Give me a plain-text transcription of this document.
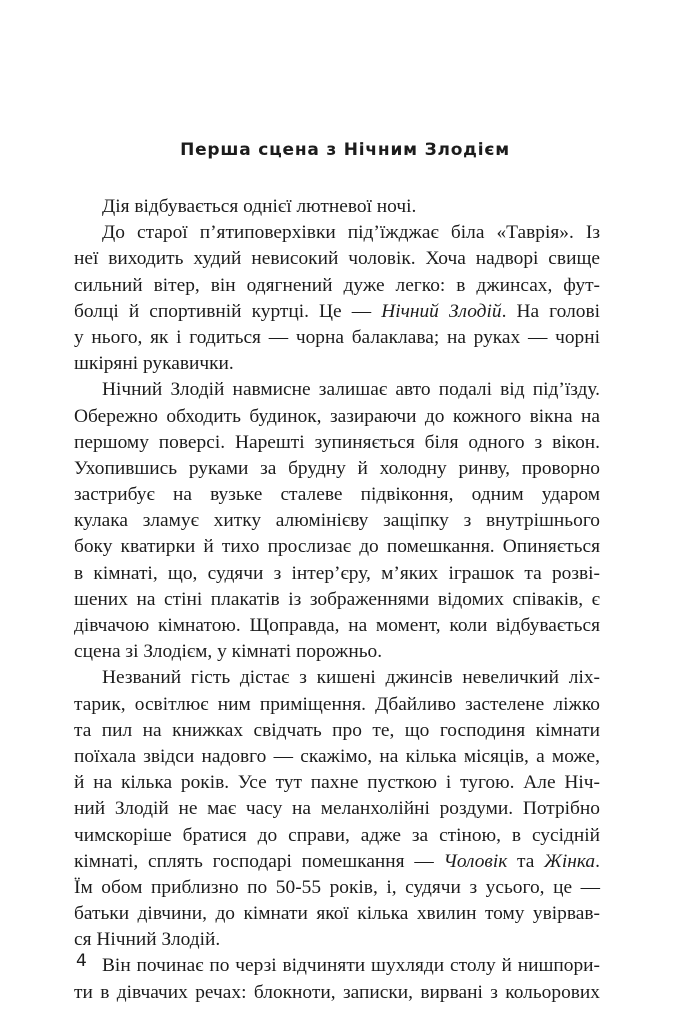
Перша сцена з Нічним Злодієм
Дія відбувається однієї лютневої ночі.
До старої п’ятиповерхівки під’їжджає біла «Таврія». Із
неї виходить худий невисокий чоловік. Хоча надворі свище
сильний вітер, він одягнений дуже легко: в джинсах, фут-
болці й спортивній куртці. Це — Нічний Злодій. На голові
у нього, як і годиться — чорна балаклава; на руках — чорні
шкіряні рукавички.
Нічний Злодій навмисне залишає авто подалі від під’їзду.
Обережно обходить будинок, зазираючи до кожного вікна на
першому поверсі. Нарешті зупиняється біля одного з вікон.
Ухопившись руками за брудну й холодну ринву, проворно
застрибує на вузьке сталеве підвіконня, одним ударом
кулака зламує хитку алюмінієву защіпку з внутрішнього
боку кватирки й тихо прослизає до помешкання. Опиняється
в кімнаті, що, судячи з інтер’єру, м’яких іграшок та розві-
шених на стіні плакатів із зображеннями відомих співаків, є
дівчачою кімнатою. Щоправда, на момент, коли відбувається
сцена зі Злодієм, у кімнаті порожньо.
Незваний гість дістає з кишені джинсів невеличкий ліх-
тарик, освітлює ним приміщення. Дбайливо застелене ліжко
та пил на книжках свідчать про те, що господиня кімнати
поїхала звідси надовго — скажімо, на кілька місяців, а може,
й на кілька років. Усе тут пахне пусткою і тугою. Але Ніч-
ний Злодій не має часу на меланхолійні роздуми. Потрібно
чимскоріше братися до справи, адже за стіною, в сусідній
кімнаті, сплять господарі помешкання — Чоловік та Жінка.
Їм обом приблизно по 50-55 років, і, судячи з усього, це —
батьки дівчини, до кімнати якої кілька хвилин тому увірвав-
ся Нічний Злодій.
Він починає по черзі відчиняти шухляди столу й нишпори-
ти в дівчачих речах: блокноти, записки, вирвані з кольорових
4
